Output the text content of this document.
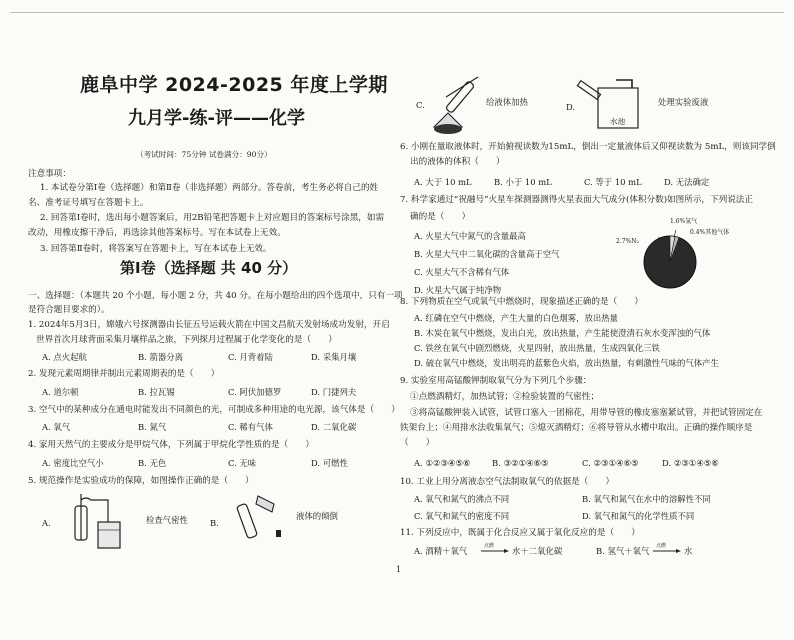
鹿阜中学 2024-2025 年度上学期
九月学-练-评——化学
（考试时间：75分钟 试卷满分：90分）
注意事项：
1. 本试卷分第Ⅰ卷（选择题）和第Ⅱ卷（非选择题）两部分。答卷前，考生务必将自己的姓
名、准考证号填写在答题卡上。
2. 回答第Ⅰ卷时，选出每小题答案后，用2B铅笔把答题卡上对应题目的答案标号涂黑，如需
改动，用橡皮擦干净后，再选涂其他答案标号。写在本试卷上无效。
3. 回答第Ⅱ卷时，将答案写在答题卡上，写在本试卷上无效。
第Ⅰ卷（选择题 共 40 分）
一、选择题：（本题共 20 个小题，每小题 2 分，共 40 分。在每小题给出的四个选项中，只有一项
是符合题目要求的）。
1. 2024年5月3日，嫦娥六号探测器由长征五号运载火箭在中国文昌航天发射场成功发射，开启
世界首次月球背面采集月壤样品之旅，下列探月过程属于化学变化的是（　　）
A. 点火起航	B. 箭器分离	C. 月背着陆	D. 采集月壤
2. 发现元素周期律并制出元素周期表的是（　　）
A. 道尔顿	B. 拉瓦锡	C. 阿伏加德罗	D. 门捷列夫
3. 空气中的某种成分在通电时能发出不同颜色的光，可制成多种用途的电光源，该气体是（　　）
A. 氧气	B. 氮气	C. 稀有气体	D. 二氧化碳
4. 家用天然气的主要成分是甲烷气体，下列属于甲烷化学性质的是（　　）
A. 密度比空气小	B. 无色	C. 无味	D. 可燃性
5. 规范操作是实验成功的保障，如图操作正确的是（　　）
A.	检查气密性	B.
液体的倾倒
C.	给液体加热	D.
水池
处理实验废液
6. 小刚在量取液体时，开始俯视读数为15mL，倒出一定量液体后又仰视读数为 5mL，则该同学倒
出的液体的体积（　　）
A. 大于 10 mL	B. 小于 10 mL	C. 等于 10 mL	D. 无法确定
7. 科学家通过“祝融号”火星车探测器测得火星表面大气成分(体积分数)如图所示，下列说法正
确的是（　　）
A. 火星大气中氮气的含量最高
B. 火星大气中二氧化碳的含量高于空气
C. 火星大气不含稀有气体
D. 火星大气属于纯净物
1.6%氩气
2.7%N₂
0.4%其他气体
8. 下列物质在空气或氧气中燃烧时，现象描述正确的是（　　）
A. 红磷在空气中燃烧，产生大量的白色烟雾，放出热量
B. 木炭在氧气中燃烧，发出白光，放出热量，产生能使澄清石灰水变浑浊的气体
C. 铁丝在氧气中剧烈燃烧，火星四射，放出热量，生成四氧化三铁
D. 硫在氧气中燃烧，发出明亮的蓝紫色火焰，放出热量，有刺激性气味的气体产生
9. 实验室用高锰酸钾制取氧气分为下列几个步骤：
①点燃酒精灯，加热试管；②检验装置的气密性；
③将高锰酸钾装入试管，试管口塞入一团棉花，用带导管的橡皮塞塞紧试管，并把试管固定在
铁架台上；④用排水法收集氧气；⑤熄灭酒精灯；⑥将导管从水槽中取出。正确的操作顺序是
（　　）
A. ①②③④⑤⑥	B. ③②①④⑥⑤	C. ②③①④⑥⑤	D. ②③①④⑤⑥
10. 工业上用分离液态空气法制取氧气的依据是（　　）
A. 氧气和氮气的沸点不同	B. 氧气和氮气在水中的溶解性不同
C. 氧气和氮气的密度不同	D. 氧气和氮气的化学性质不同
11. 下列反应中，既属于化合反应又属于氧化反应的是（　　）
A. 酒精＋氧气	点燃 → 水＋二氧化碳	B. 氢气＋氧气 点燃 → 水
1
